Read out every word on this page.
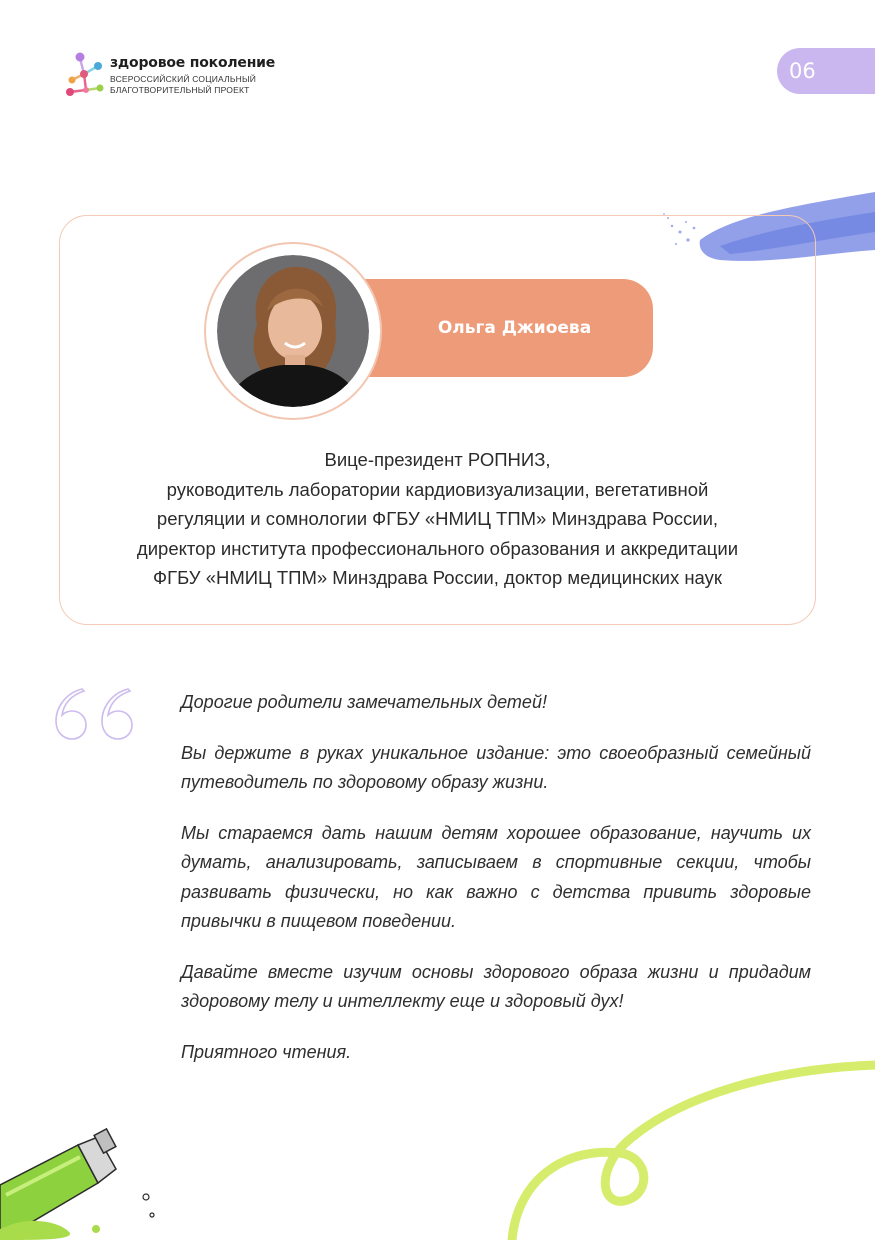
здоровое поколение
ВСЕРОССИЙСКИЙ СОЦИАЛЬНЫЙ
БЛАГОТВОРИТЕЛЬНЫЙ ПРОЕКТ
06
Ольга Джиоева
Вице-президент РОПНИЗ,
руководитель лаборатории кардиовизуализации, вегетативной
регуляции и сомнологии ФГБУ «НМИЦ ТПМ» Минздрава России,
директор института профессионального образования и аккредитации
ФГБУ «НМИЦ ТПМ» Минздрава России, доктор медицинских наук

Дорогие родители замечательных детей!

Вы держите в руках уникальное издание: это своеобразный семейный путеводитель по здоровому образу жизни.

Мы стараемся дать нашим детям хорошее образование, научить их думать, анализировать, записываем в спортивные секции, чтобы развивать физически, но как важно с детства привить здоровые привычки в пищевом поведении.

Давайте вместе изучим основы здорового образа жизни и придадим здоровому телу и интеллекту еще и здоровый дух!

Приятного чтения.
